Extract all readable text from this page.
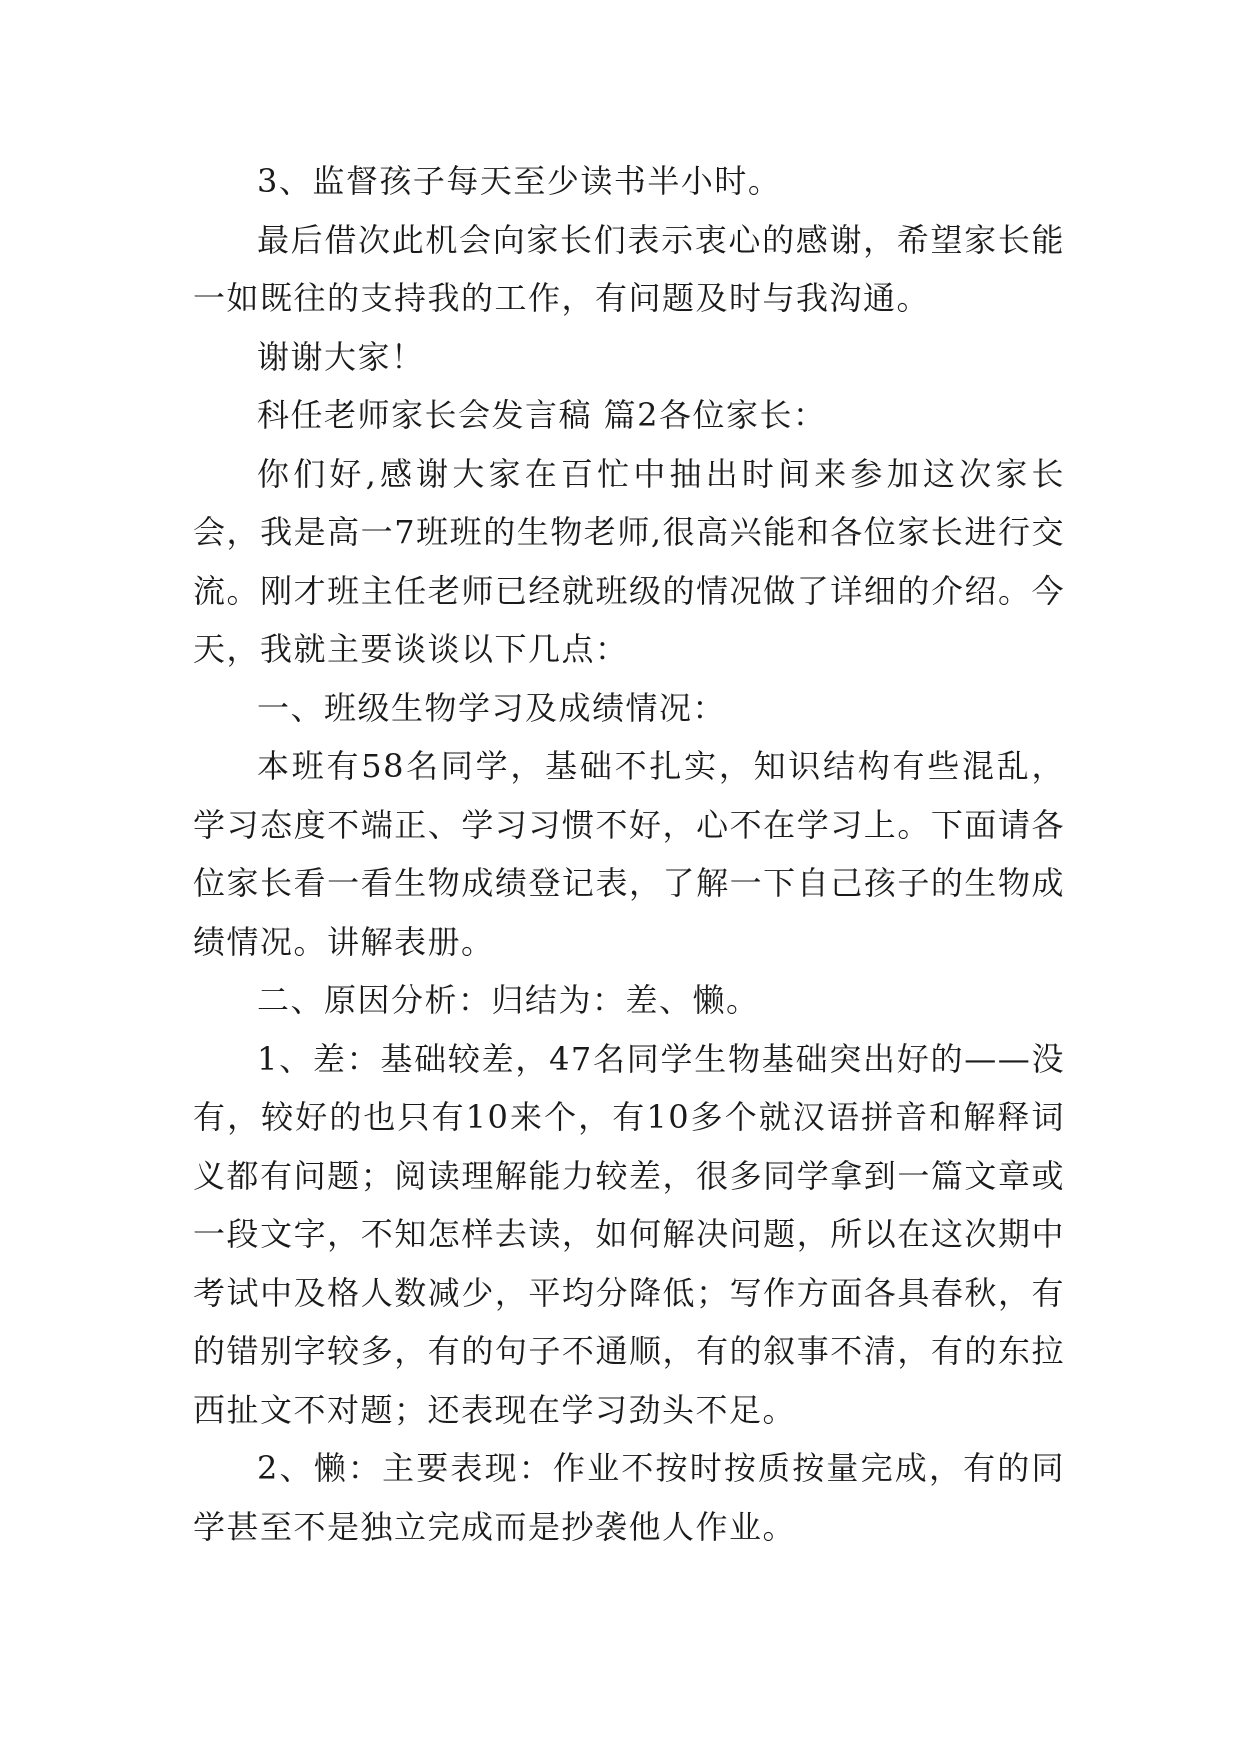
3、监督孩子每天至少读书半小时。

最后借次此机会向家长们表示衷心的感谢，希望家长能一如既往的支持我的工作，有问题及时与我沟通。

谢谢大家！

科任老师家长会发言稿 篇2各位家长：

你们好,感谢大家在百忙中抽出时间来参加这次家长会，我是高一7班班的生物老师,很高兴能和各位家长进行交流。刚才班主任老师已经就班级的情况做了详细的介绍。今天，我就主要谈谈以下几点：

一、班级生物学习及成绩情况：

本班有58名同学，基础不扎实，知识结构有些混乱，学习态度不端正、学习习惯不好，心不在学习上。下面请各位家长看一看生物成绩登记表，了解一下自己孩子的生物成绩情况。讲解表册。

二、原因分析：归结为：差、懒。

1、差：基础较差，47名同学生物基础突出好的——没有，较好的也只有10来个，有10多个就汉语拼音和解释词义都有问题；阅读理解能力较差，很多同学拿到一篇文章或一段文字，不知怎样去读，如何解决问题，所以在这次期中考试中及格人数减少，平均分降低；写作方面各具春秋，有的错别字较多，有的句子不通顺，有的叙事不清，有的东拉西扯文不对题；还表现在学习劲头不足。

2、懒：主要表现：作业不按时按质按量完成，有的同学甚至不是独立完成而是抄袭他人作业。
